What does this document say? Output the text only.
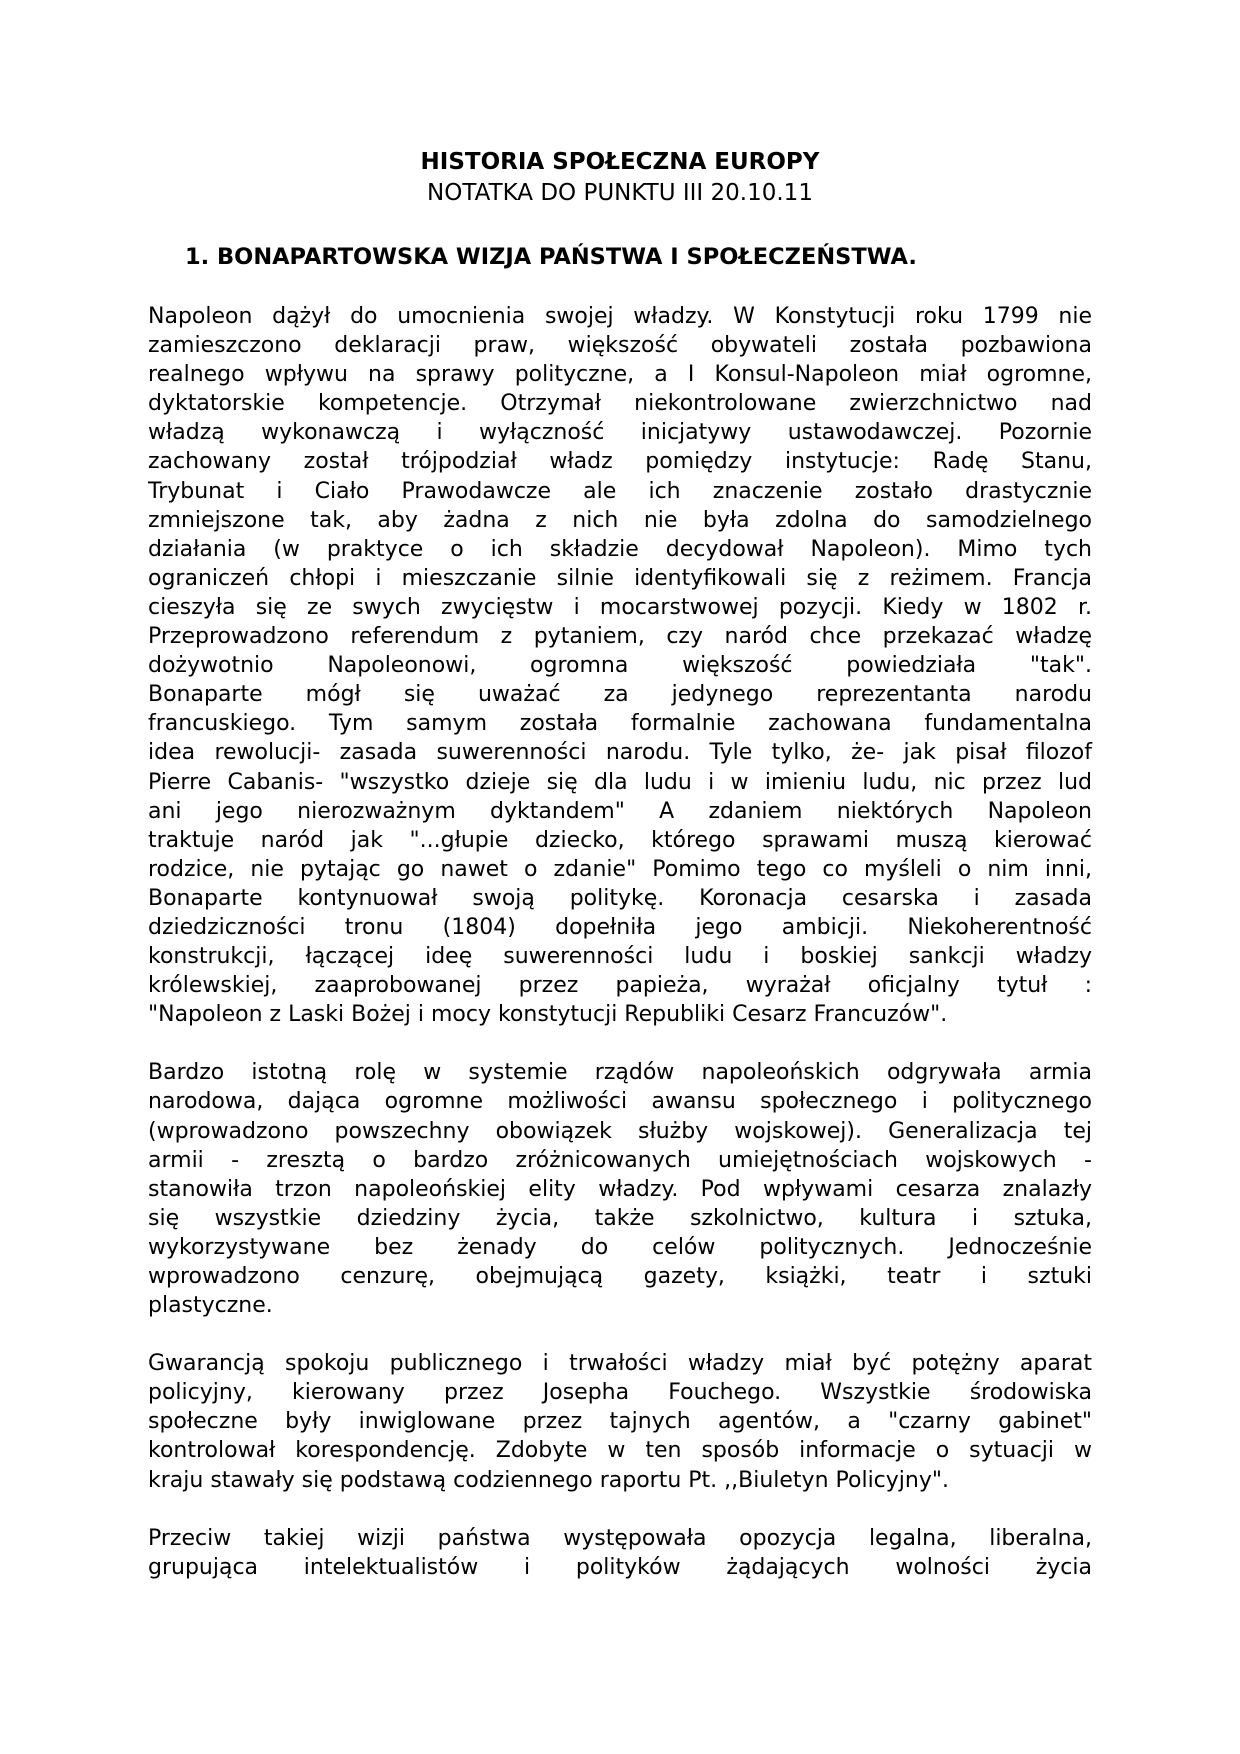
HISTORIA SPOŁECZNA EUROPY
NOTATKA DO PUNKTU III 20.10.11
1. BONAPARTOWSKA WIZJA PAŃSTWA I SPOŁECZEŃSTWA.
Napoleon dążył do umocnienia swojej władzy. W Konstytucji roku 1799 nie
zamieszczono deklaracji praw, większość obywateli została pozbawiona
realnego wpływu na sprawy polityczne, a I Konsul-Napoleon miał ogromne,
dyktatorskie kompetencje. Otrzymał niekontrolowane zwierzchnictwo nad
władzą wykonawczą i wyłączność inicjatywy ustawodawczej. Pozornie
zachowany został trójpodział władz pomiędzy instytucje: Radę Stanu,
Trybunat i Ciało Prawodawcze ale ich znaczenie zostało drastycznie
zmniejszone tak, aby żadna z nich nie była zdolna do samodzielnego
działania (w praktyce o ich składzie decydował Napoleon). Mimo tych
ograniczeń chłopi i mieszczanie silnie identyfikowali się z reżimem. Francja
cieszyła się ze swych zwycięstw i mocarstwowej pozycji. Kiedy w 1802 r.
Przeprowadzono referendum z pytaniem, czy naród chce przekazać władzę
dożywotnio Napoleonowi, ogromna większość powiedziała "tak".
Bonaparte mógł się uważać za jedynego reprezentanta narodu
francuskiego. Tym samym została formalnie zachowana fundamentalna
idea rewolucji- zasada suwerenności narodu. Tyle tylko, że- jak pisał filozof
Pierre Cabanis- "wszystko dzieje się dla ludu i w imieniu ludu, nic przez lud
ani jego nierozważnym dyktandem" A zdaniem niektórych Napoleon
traktuje naród jak "...głupie dziecko, którego sprawami muszą kierować
rodzice, nie pytając go nawet o zdanie" Pomimo tego co myśleli o nim inni,
Bonaparte kontynuował swoją politykę. Koronacja cesarska i zasada
dziedziczności tronu (1804) dopełniła jego ambicji. Niekoherentność
konstrukcji, łączącej ideę suwerenności ludu i boskiej sankcji władzy
królewskiej, zaaprobowanej przez papieża, wyrażał oficjalny tytuł :
"Napoleon z Laski Bożej i mocy konstytucji Republiki Cesarz Francuzów".
Bardzo istotną rolę w systemie rządów napoleońskich odgrywała armia
narodowa, dająca ogromne możliwości awansu społecznego i politycznego
(wprowadzono powszechny obowiązek służby wojskowej). Generalizacja tej
armii - zresztą o bardzo zróżnicowanych umiejętnościach wojskowych -
stanowiła trzon napoleońskiej elity władzy. Pod wpływami cesarza znalazły
się wszystkie dziedziny życia, także szkolnictwo, kultura i sztuka,
wykorzystywane bez żenady do celów politycznych. Jednocześnie
wprowadzono cenzurę, obejmującą gazety, książki, teatr i sztuki
plastyczne.
Gwarancją spokoju publicznego i trwałości władzy miał być potężny aparat
policyjny, kierowany przez Josepha Fouchego. Wszystkie środowiska
społeczne były inwiglowane przez tajnych agentów, a "czarny gabinet"
kontrolował korespondencję. Zdobyte w ten sposób informacje o sytuacji w
kraju stawały się podstawą codziennego raportu Pt. ,,Biuletyn Policyjny".
Przeciw takiej wizji państwa występowała opozycja legalna, liberalna,
grupująca intelektualistów i polityków żądających wolności życia
